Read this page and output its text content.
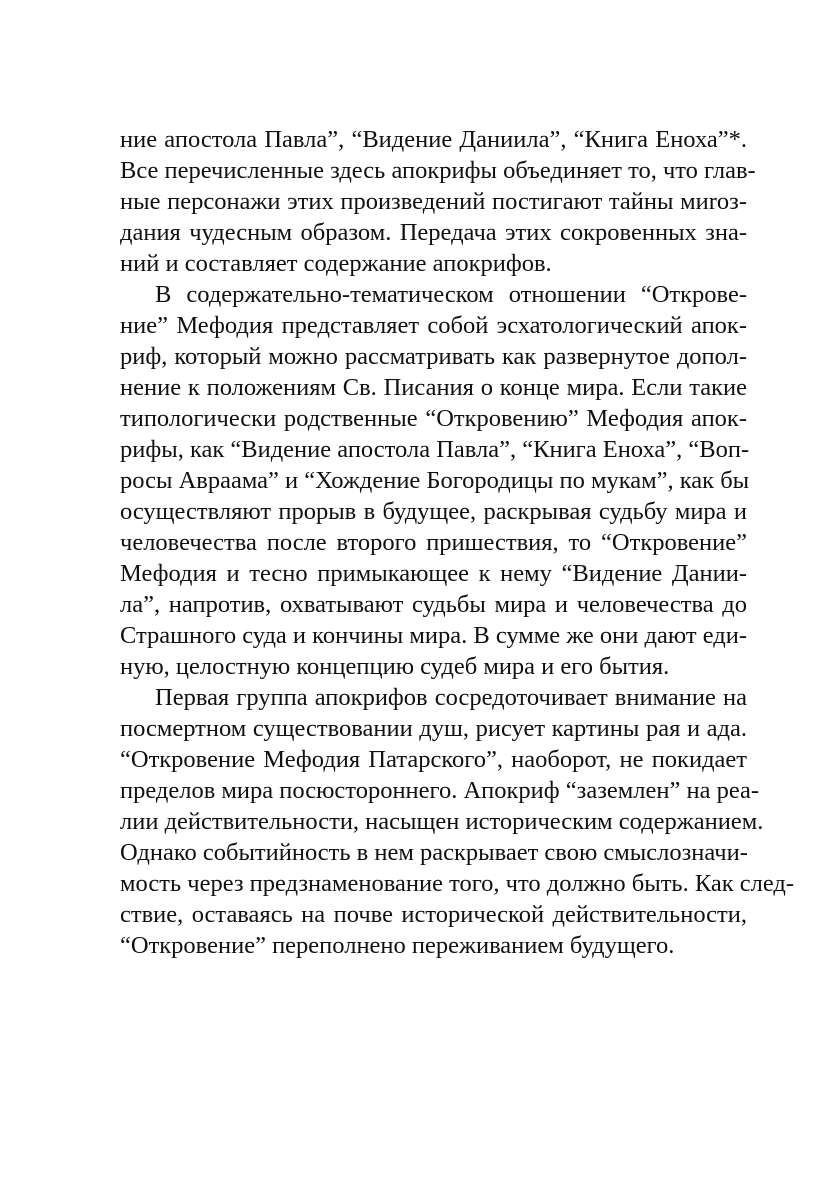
ние апостола Павла”, “Видение Даниила”, “Книга Еноха”*.
Все перечисленные здесь апокрифы объединяет то, что глав-
ные персонажи этих произведений постигают тайны миroз-
дания чудесным образом. Передача этих сокровенных зна-
ний и составляет содержание апокрифов.
В содержательно-тематическом отношении “Открове-
ние” Мефодия представляет собой эсхатологический апок-
риф, который можно рассматривать как развернутое допол-
нение к положениям Св. Писания о конце мира. Если такие
типологически родственные “Откровению” Мефодия апок-
рифы, как “Видение апостола Павла”, “Книга Еноха”, “Воп-
росы Авраама” и “Хождение Богородицы по мукам”, как бы
осуществляют прорыв в будущее, раскрывая судьбу мира и
человечества после второго пришествия, то “Откровение”
Мефодия и тесно примыкающее к нему “Видение Дании-
ла”, напротив, охватывают судьбы мира и человечества до
Страшного суда и кончины мира. В сумме же они дают еди-
ную, целостную концепцию судеб мира и его бытия.
Первая группа апокрифов сосредоточивает внимание на
посмертном существовании душ, рисует картины рая и ада.
“Откровение Мефодия Патарского”, наоборот, не покидает
пределов мира посюстороннего. Апокриф “заземлен” на реа-
лии действительности, насыщен историческим содержанием.
Однако событийность в нем раскрывает свою смыслозначи-
мость через предзнаменование того, что должно быть. Как след-
ствие, оставаясь на почве исторической действительности,
“Откровение” переполнено переживанием будущего.
